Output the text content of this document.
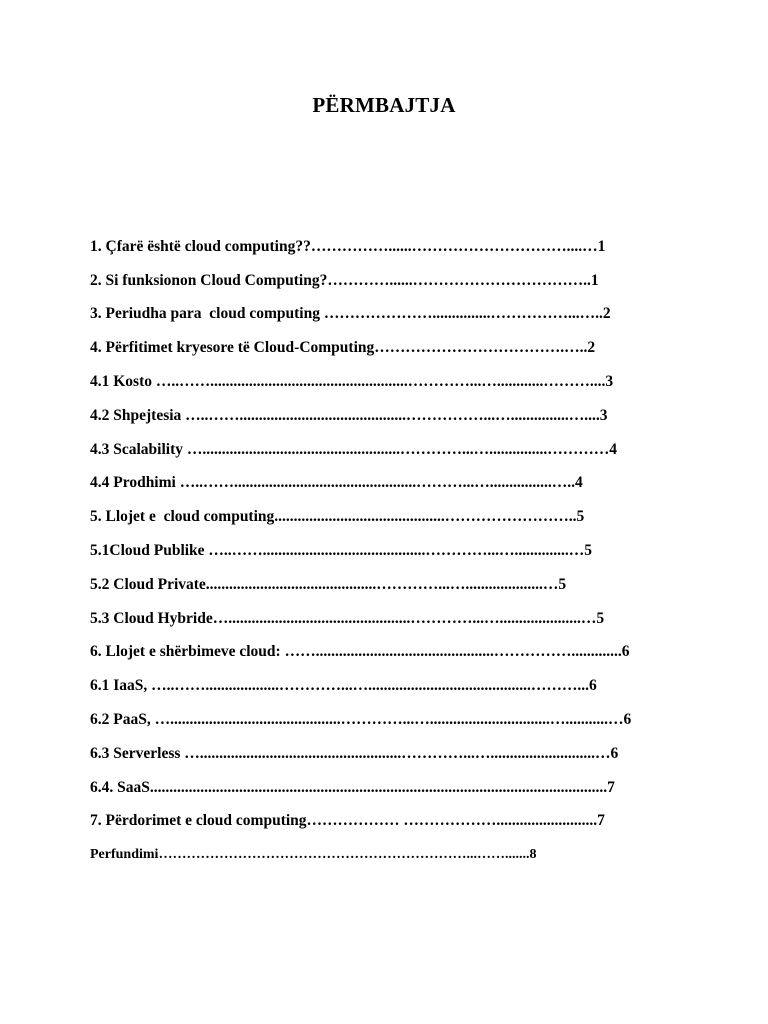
PËRMBAJTJA
1. Çfarë është cloud computing??……………......…………………………....…1
2. Si funksionon Cloud Computing?…………......……………………………..1
3. Periudha para  cloud computing …………………...............……………...…..2
4. Përfitimet kryesore të Cloud-Computing……………………………….…..2
4.1 Kosto …..……...................................................…………...…............………....3
4.2 Shpejtesia …..……...........................................……………...…...............…....3
4.3 Scalability …...................................................…………...…...............…………4
4.4 Prodhimi …..……...............................................………...…................…..4
5. Llojet e  cloud computing............................................……………………..5
5.1Cloud Publike …..……..........................................…………...…..............…5
5.2 Cloud Private............................................…………...…....................…5
5.3 Cloud Hybride…...............................................…………...….....................…5
6. Llojet e shërbimeve cloud: ……..............................................…………….............6
6.1 IaaS, …..……...................…………...…..........................................………...6
6.2 PaaS, …............................................…………...…...............................…...........…6
6.3 Serverless …....................................................…………...…...........................…6
6.4. SaaS......................................................................................................................7
7. Përdorimet e cloud computing……………… ………………..........................7
Perfundimi…………………………………………………………...…….......8
